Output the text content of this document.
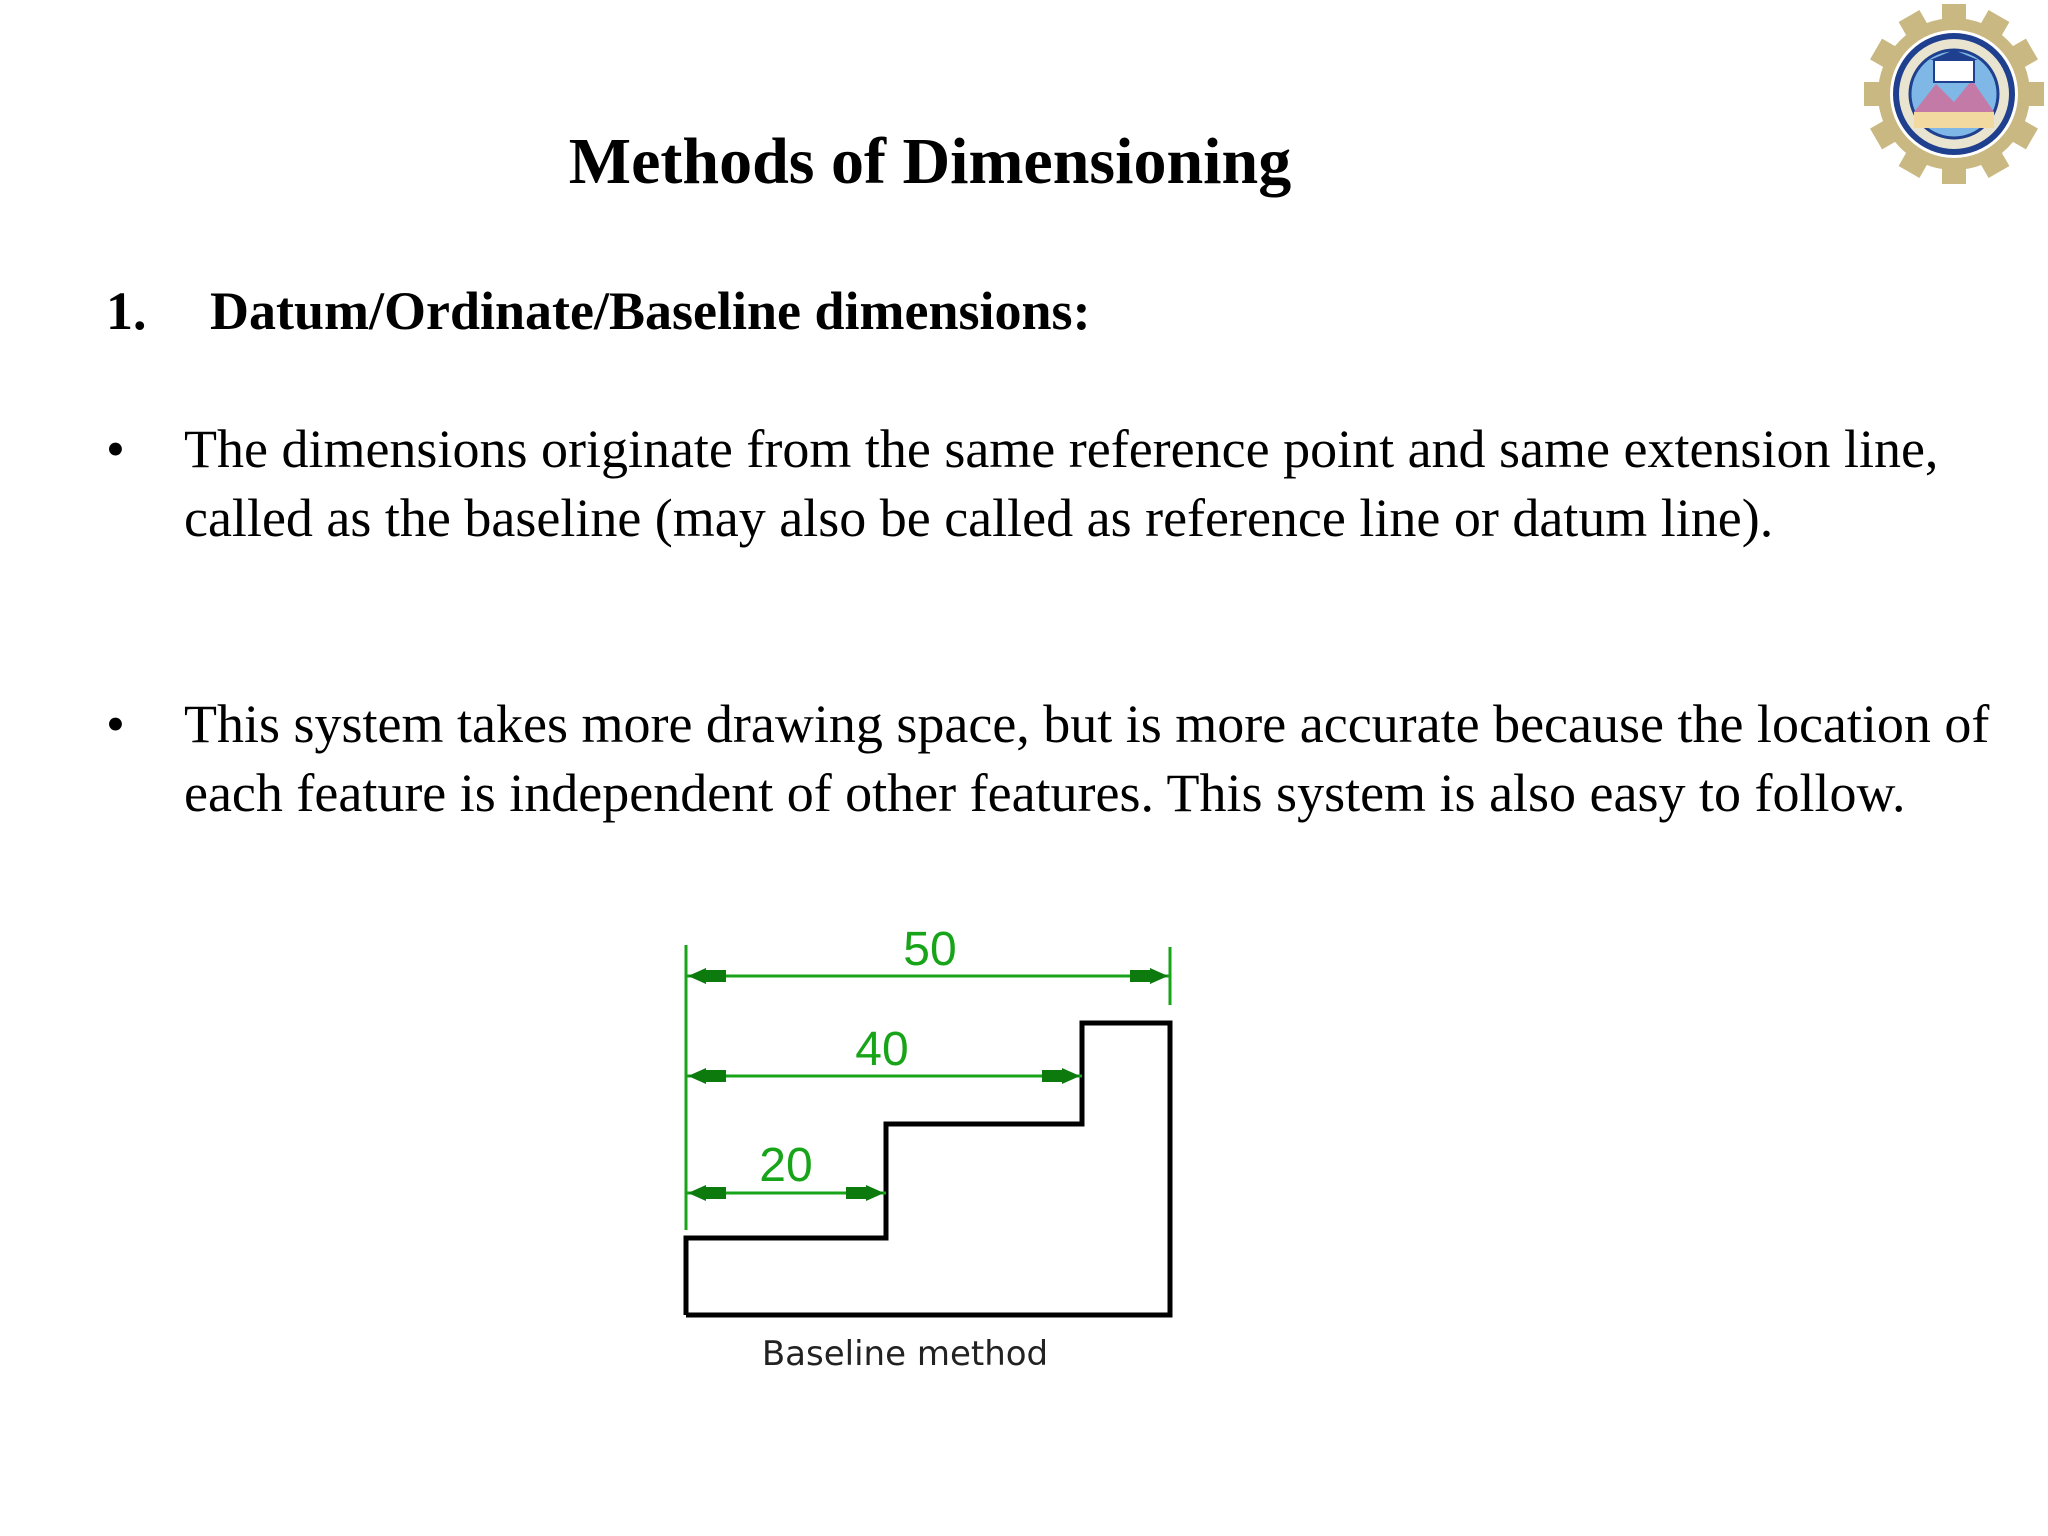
Methods of Dimensioning
1. Datum/Ordinate/Baseline dimensions:
• The dimensions originate from the same reference point and same extension line, called as the baseline (may also be called as reference line or datum line).
• This system takes more drawing space, but is more accurate because the location of each feature is independent of other features. This system is also easy to follow.
50
40
20
Baseline method
